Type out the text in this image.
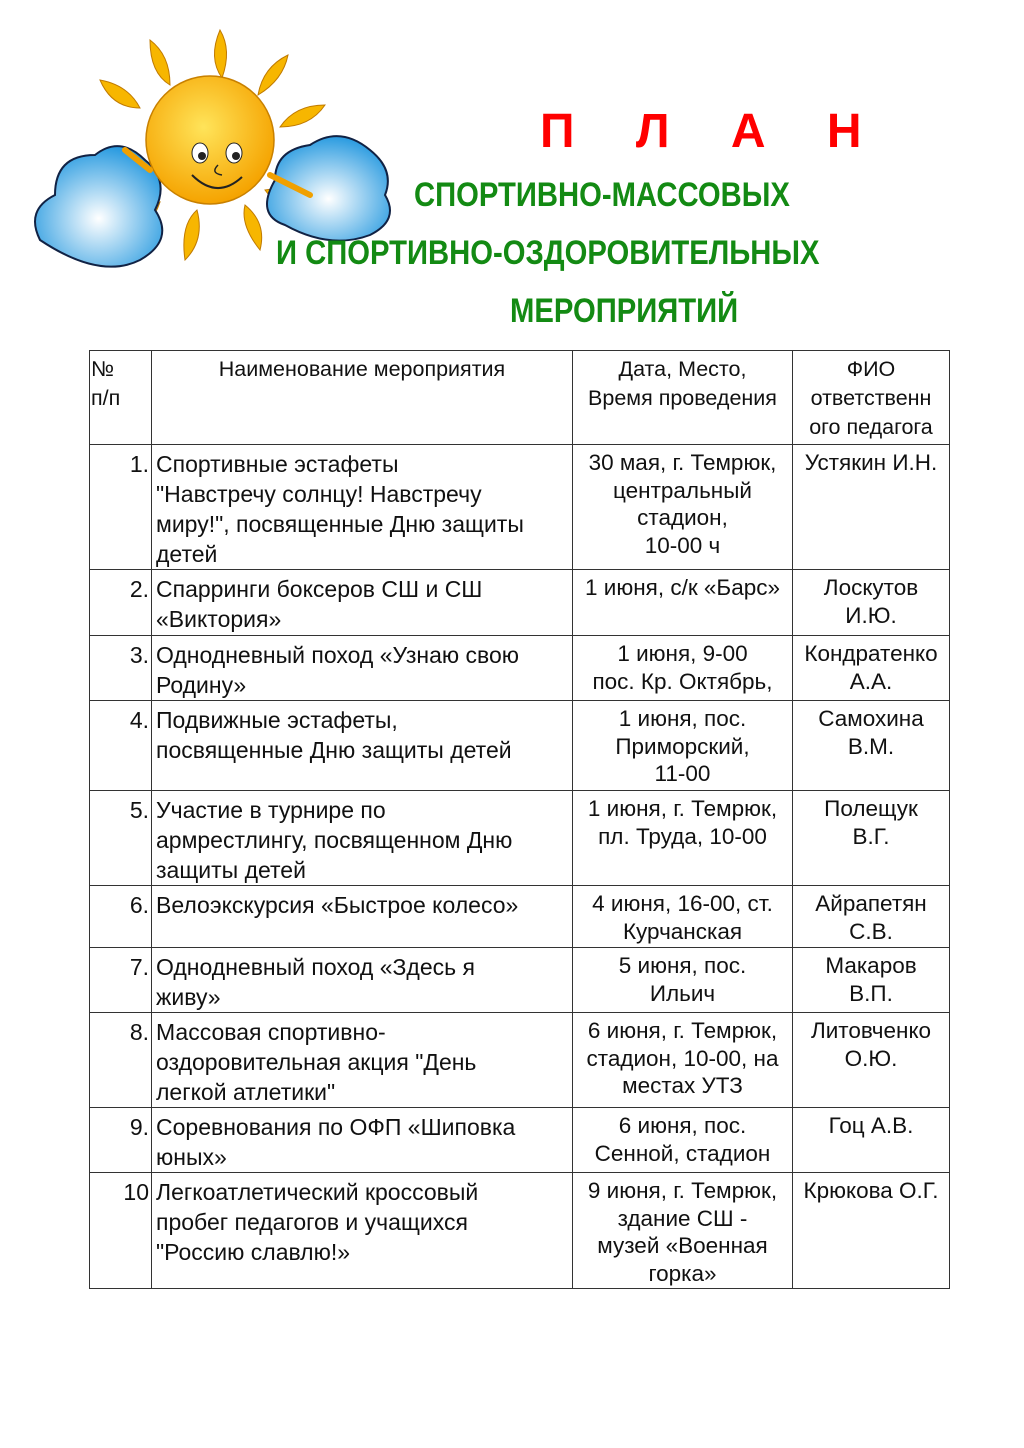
П Л А Н
СПОРТИВНО-МАССОВЫХ
И СПОРТИВНО-ОЗДОРОВИТЕЛЬНЫХ
МЕРОПРИЯТИЙ
№
п/п	Наименование мероприятия	Дата, Место,
Время проведения	ФИО
ответственн
ого педагога
1.	Спортивные эстафеты
"Навстречу солнцу! Навстречу
миру!", посвященные Дню защиты
детей	30 мая, г. Темрюк,
центральный
стадион,
10-00 ч	Устякин И.Н.
2.	Спарринги боксеров СШ и СШ
«Виктория»	1 июня, с/к «Барс»	Лоскутов
И.Ю.
3.	Однодневный поход «Узнаю свою
Родину»	1 июня, 9-00
пос. Кр. Октябрь,	Кондратенко
А.А.
4.	Подвижные эстафеты,
посвященные Дню защиты детей	1 июня, пос.
Приморский,
11-00	Самохина
В.М.
5.	Участие в турнире по
армрестлингу, посвященном Дню
защиты детей	1 июня, г. Темрюк,
пл. Труда, 10-00	Полещук
В.Г.
6.	Велоэкскурсия «Быстрое колесо»	4 июня, 16-00, ст.
Курчанская	Айрапетян
С.В.
7.	Однодневный поход «Здесь я
живу»	5 июня, пос.
Ильич	Макаров
В.П.
8.	Массовая спортивно-
оздоровительная акция "День
легкой атлетики"	6 июня, г. Темрюк,
стадион, 10-00, на
местах УТЗ	Литовченко
О.Ю.
9.	Соревнования по ОФП «Шиповка
юных»	6 июня, пос.
Сенной, стадион	Гоц А.В.
10	Легкоатлетический кроссовый
пробег педагогов и учащихся
"Россию славлю!»	9 июня, г. Темрюк,
здание СШ -
музей «Военная
горка»	Крюкова О.Г.
